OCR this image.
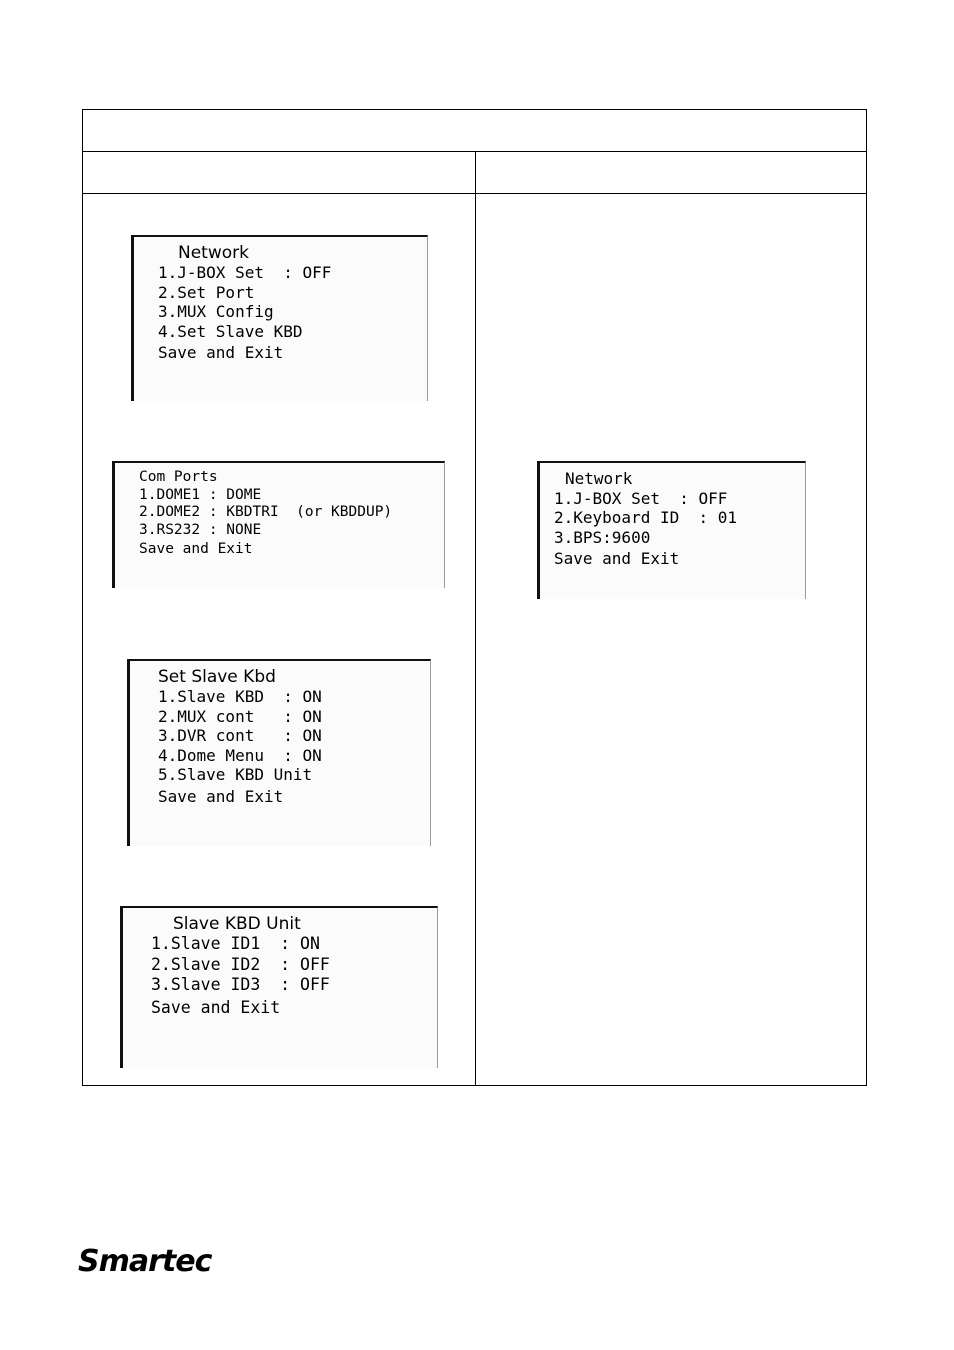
Network
1.J-BOX Set  : OFF
2.Set Port
3.MUX Config
4.Set Slave KBD
Save and Exit
Com Ports
1.DOME1 : DOME
2.DOME2 : KBDTRI  (or KBDDUP)
3.RS232 : NONE
Save and Exit
Set Slave Kbd
1.Slave KBD  : ON
2.MUX cont   : ON
3.DVR cont   : ON
4.Dome Menu  : ON
5.Slave KBD Unit
Save and Exit
Slave KBD Unit
1.Slave ID1  : ON
2.Slave ID2  : OFF
3.Slave ID3  : OFF
Save and Exit
Network
1.J-BOX Set  : OFF
2.Keyboard ID  : 01
3.BPS:9600
Save and Exit
Smartec
